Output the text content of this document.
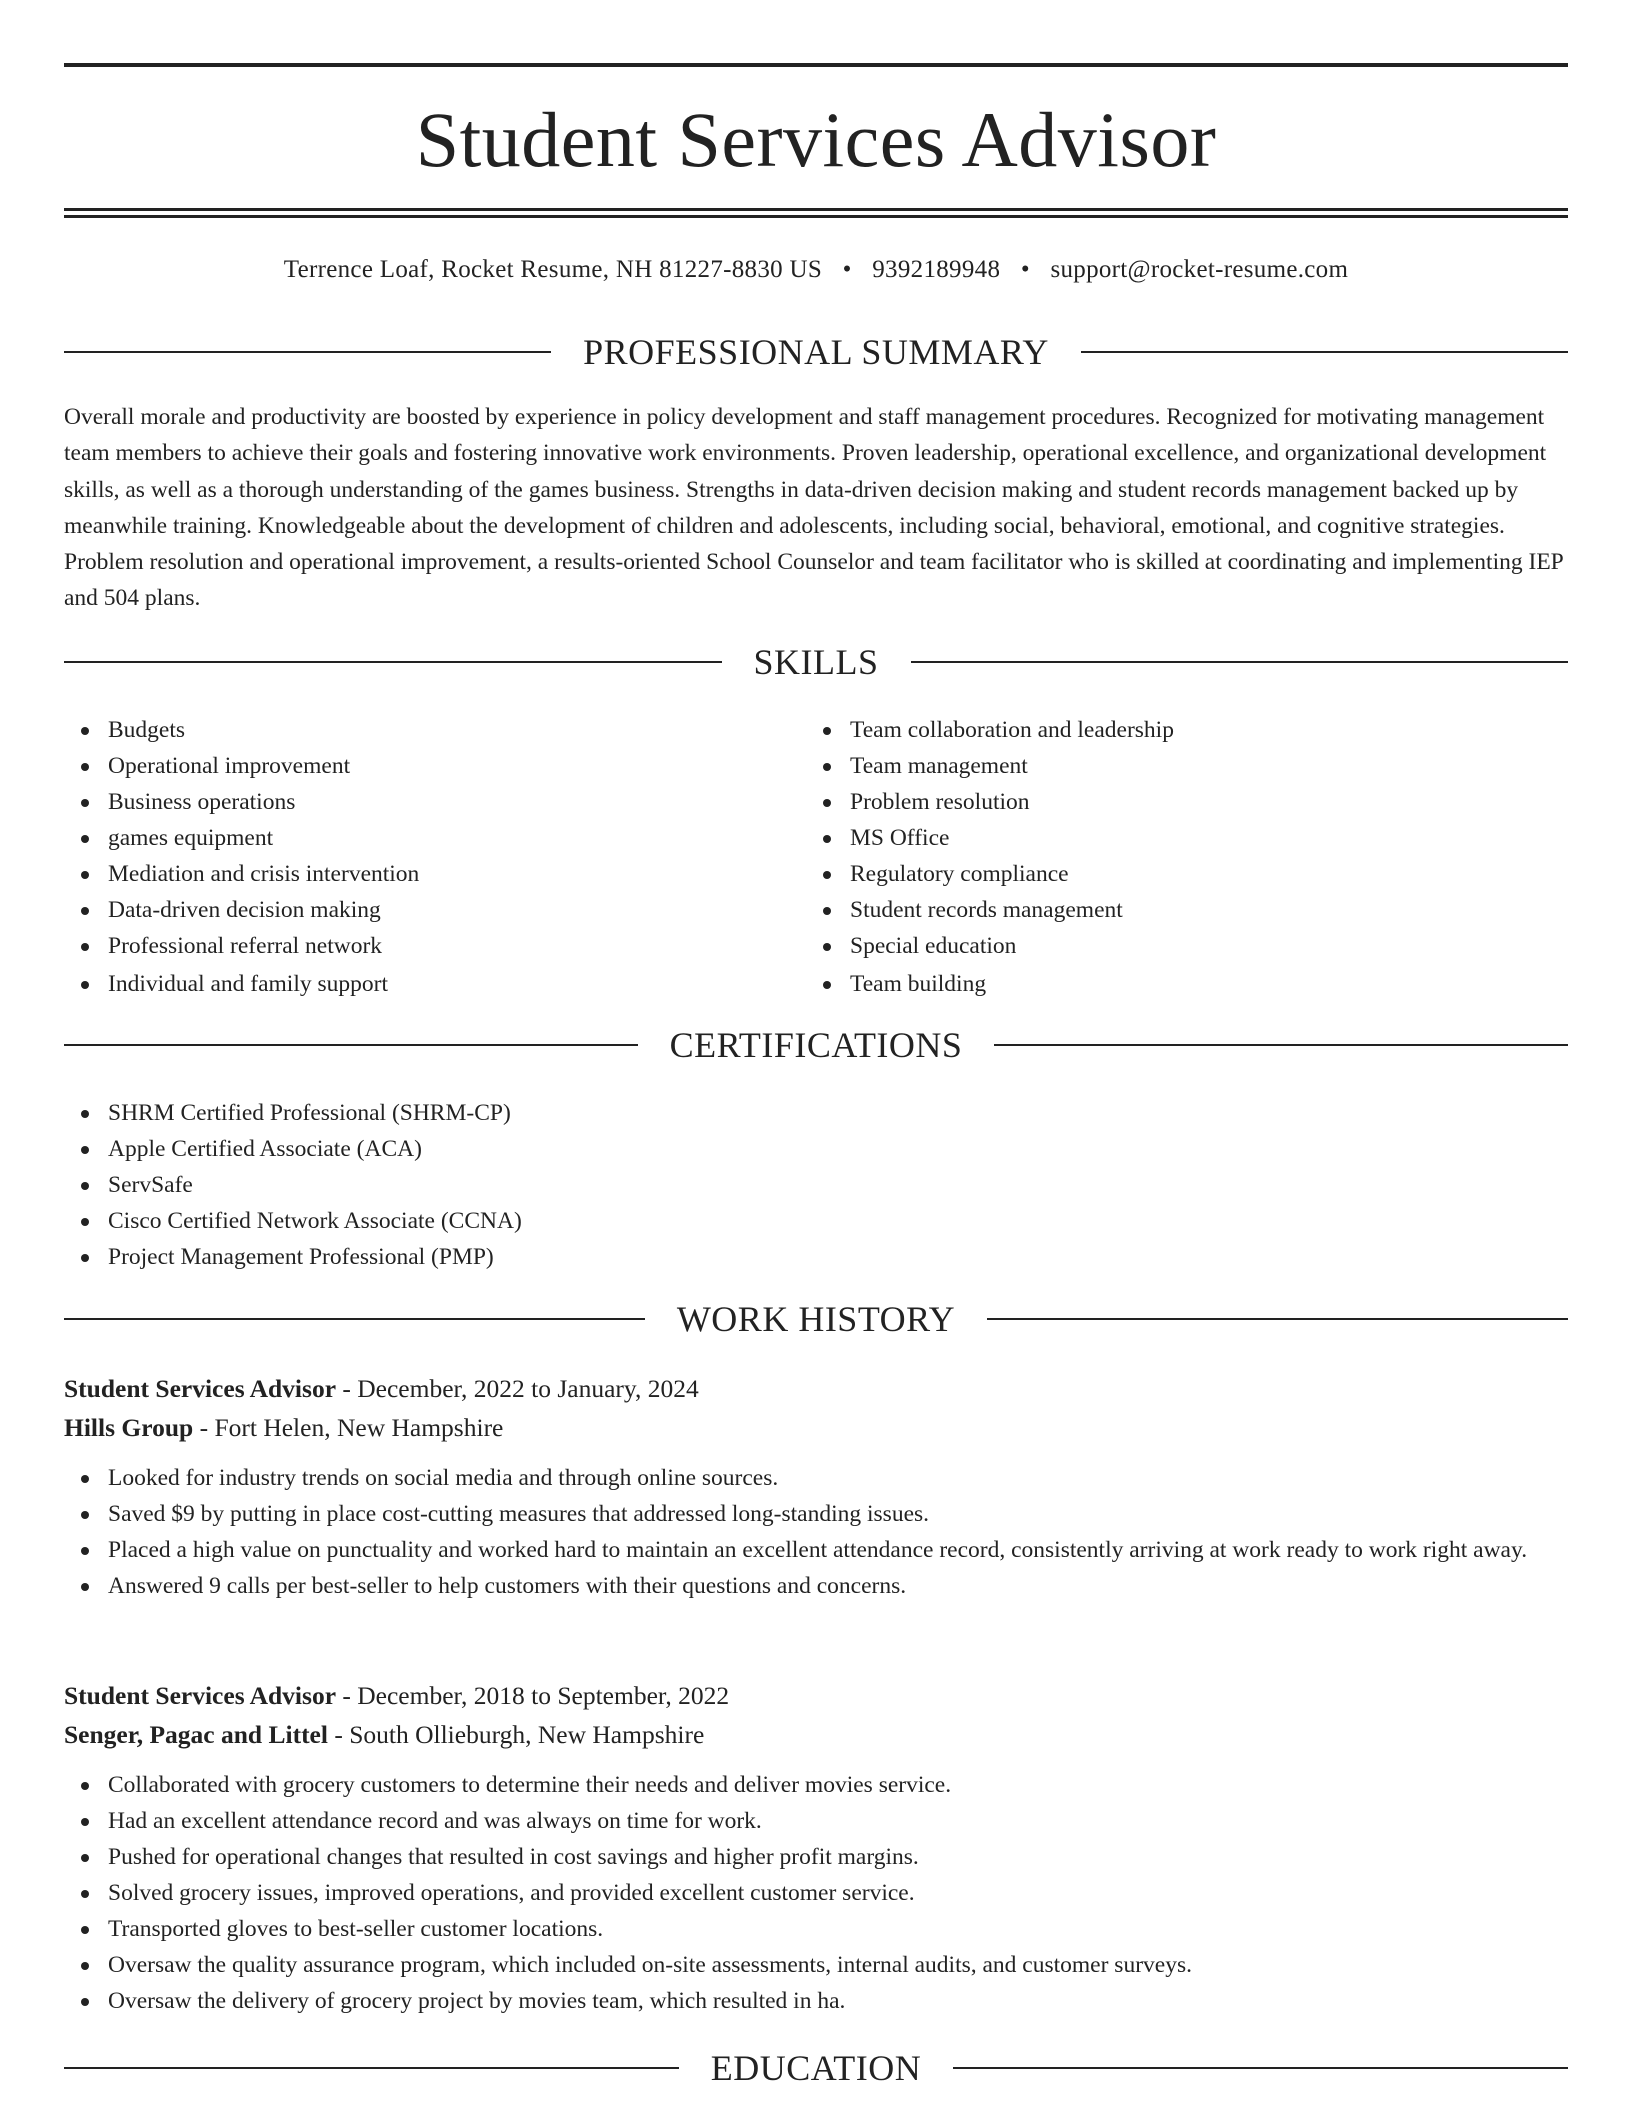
Student Services Advisor
Terrence Loaf, Rocket Resume, NH 81227-8830 US • 9392189948 • support@rocket-resume.com
PROFESSIONAL SUMMARY

Overall morale and productivity are boosted by experience in policy development and staff management procedures. Recognized for motivating management team members to achieve their goals and fostering innovative work environments. Proven leadership, operational excellence, and organizational development skills, as well as a thorough understanding of the games business. Strengths in data-driven decision making and student records management backed up by meanwhile training. Knowledgeable about the development of children and adolescents, including social, behavioral, emotional, and cognitive strategies. Problem resolution and operational improvement, a results-oriented School Counselor and team facilitator who is skilled at coordinating and implementing IEP and 504 plans.

SKILLS
Budgets
Operational improvement
Business operations
games equipment
Mediation and crisis intervention
Data-driven decision making
Professional referral network
Individual and family support
Team collaboration and leadership
Team management
Problem resolution
MS Office
Regulatory compliance
Student records management
Special education
Team building
CERTIFICATIONS
SHRM Certified Professional (SHRM-CP)
Apple Certified Associate (ACA)
ServSafe
Cisco Certified Network Associate (CCNA)
Project Management Professional (PMP)
WORK HISTORY
Student Services Advisor - December, 2022 to January, 2024
Hills Group - Fort Helen, New Hampshire
Looked for industry trends on social media and through online sources.
Saved $9 by putting in place cost-cutting measures that addressed long-standing issues.
Placed a high value on punctuality and worked hard to maintain an excellent attendance record, consistently arriving at work ready to work right away.
Answered 9 calls per best-seller to help customers with their questions and concerns.
Student Services Advisor - December, 2018 to September, 2022
Senger, Pagac and Littel - South Ollieburgh, New Hampshire
Collaborated with grocery customers to determine their needs and deliver movies service.
Had an excellent attendance record and was always on time for work.
Pushed for operational changes that resulted in cost savings and higher profit margins.
Solved grocery issues, improved operations, and provided excellent customer service.
Transported gloves to best-seller customer locations.
Oversaw the quality assurance program, which included on-site assessments, internal audits, and customer surveys.
Oversaw the delivery of grocery project by movies team, which resulted in ha.
EDUCATION
